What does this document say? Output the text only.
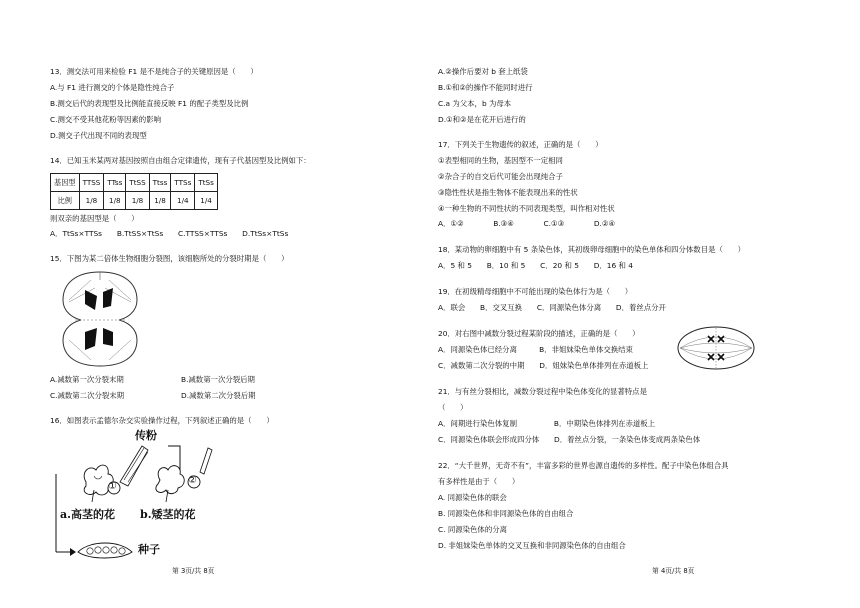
13．测交法可用来检验 F1 是不是纯合子的关键原因是（　　）
A.与 F1 进行测交的个体是隐性纯合子
B.测交后代的表现型及比例能直接反映 F1 的配子类型及比例
C.测交不受其他花粉等因素的影响
D.测交子代出现不同的表现型
14．已知玉米某两对基因按照自由组合定律遗传，现有子代基因型及比例如下：
基因型	TTSS	TTss	TtSS	Ttss	TTSs	TtSs
比例	1/8	1/8	1/8	1/8	1/4	1/4
则双亲的基因型是（　　）
A．TtSs×TTSs　　B.TtSS×TtSs　　C.TTSS×TTSs　　D.TtSs×TtSs
15．下图为某二倍体生物细胞分裂图，该细胞所处的分裂时期是（　　）
A.减数第一次分裂末期	B.减数第一次分裂后期
C.减数第二次分裂末期	D.减数第二次分裂后期
16．如图表示孟德尔杂交实验操作过程，下列叙述正确的是（　　）
传粉
①
②
a.高茎的花 b.矮茎的花
种子
第 3页/共 8页
A.②操作后要对 b 套上纸袋
B.①和②的操作不能同时进行
C.a 为父本，b 为母本
D.①和②是在花开后进行的
17．下列关于生物遗传的叙述，正确的是（　　）
①表型相同的生物，基因型不一定相同
②杂合子的自交后代可能会出现纯合子
③隐性性状是指生物体不能表现出来的性状
④一种生物的不同性状的不同表现类型，叫作相对性状
A．①②　　　　B.③④　　　　C.①③　　　　D.②④
18．某动物的卵细胞中有 5 条染色体，其初级卵母细胞中的染色单体和四分体数目是（　　）
A．5 和 5　　B．10 和 5　　C．20 和 5　　D．16 和 4
19．在初级精母细胞中不可能出现的染色体行为是（　　）
A．联会　　B．交叉互换　　C．同源染色体分离　　D．着丝点分开
20．对右图中减数分裂过程某阶段的描述，正确的是（　　）
A．同源染色体已经分离　　　B．非姐妹染色单体交换结束
C．减数第二次分裂的中期　　D．姐妹染色单体排列在赤道板上
21．与有丝分裂相比，减数分裂过程中染色体变化的显著特点是
（　　）
A．间期进行染色体复制　　　　　B．中期染色体排列在赤道板上
C．同源染色体联会形成四分体　　D．着丝点分裂，一条染色体变成两条染色体
22．“大千世界，无奇不有”，丰富多彩的世界也源自遗传的多样性。配子中染色体组合具
有多样性是由于（　　）
A. 同源染色体的联会
B. 同源染色体和非同源染色体的自由组合
C. 同源染色体的分离
D. 非姐妹染色单体的交叉互换和非同源染色体的自由组合
第 4页/共 8页
